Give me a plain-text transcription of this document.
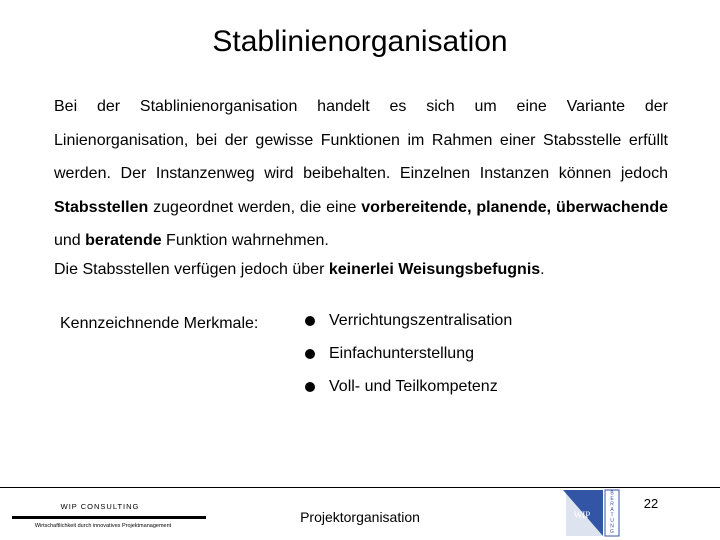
Stablinienorganisation
Bei der Stablinienorganisation handelt es sich um eine Variante der Linienorganisation, bei der gewisse Funktionen im Rahmen einer Stabsstelle erfüllt werden. Der Instanzenweg wird beibehalten. Einzelnen Instanzen können jedoch Stabsstellen zugeordnet werden, die eine vorbereitende, planende, überwachende und beratende Funktion wahrnehmen.
Die Stabsstellen verfügen jedoch über keinerlei Weisungsbefugnis.
Kennzeichnende Merkmale:	Verrichtungszentralisation
Einfachunterstellung
Voll- und Teilkompetenz
WIP CONSULTING
Wirtschaftlichkeit durch innovatives Projektmanagement
Projektorganisation
22
WIP
B
E
R
A
T
U
N
G
